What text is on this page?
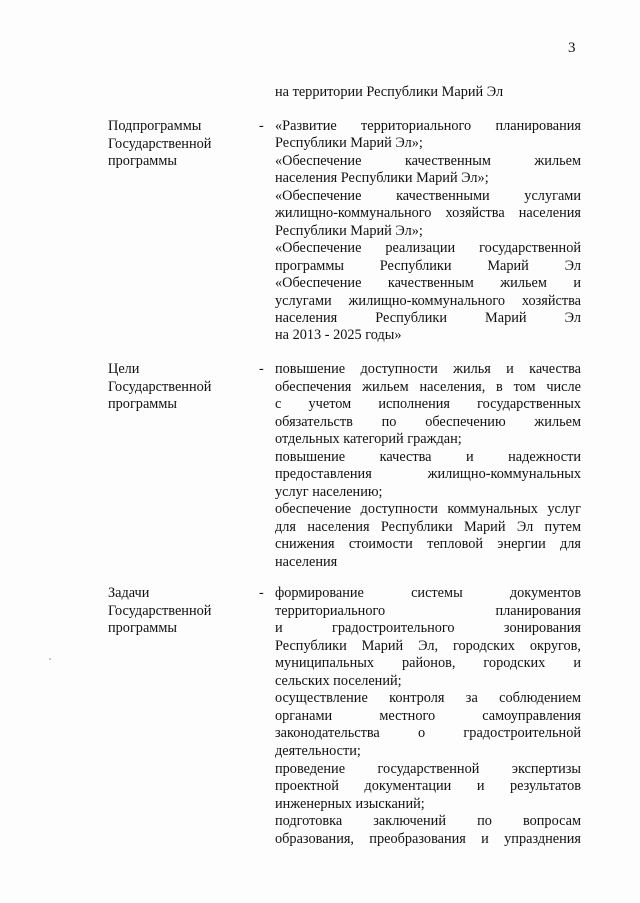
3
на территории Республики Марий Эл
Подпрограммы
Государственной
программы
- «Развитие территориального планирования
Республики Марий Эл»;
«Обеспечение качественным жильем
населения Республики Марий Эл»;
«Обеспечение качественными услугами
жилищно-коммунального хозяйства населения
Республики Марий Эл»;
«Обеспечение реализации государственной
программы Республики Марий Эл
«Обеспечение качественным жильем и
услугами жилищно-коммунального хозяйства
населения Республики Марий Эл
на 2013 - 2025 годы»
Цели
Государственной
программы
- повышение доступности жилья и качества
обеспечения жильем населения, в том числе
с учетом исполнения государственных
обязательств по обеспечению жильем
отдельных категорий граждан;
повышение качества и надежности
предоставления жилищно-коммунальных
услуг населению;
обеспечение доступности коммунальных услуг
для населения Республики Марий Эл путем
снижения стоимости тепловой энергии для
населения
Задачи
Государственной
программы
- формирование системы документов
территориального планирования
и градостроительного зонирования
Республики Марий Эл, городских округов,
муниципальных районов, городских и
сельских поселений;
осуществление контроля за соблюдением
органами местного самоуправления
законодательства о градостроительной
деятельности;
проведение государственной экспертизы
проектной документации и результатов
инженерных изысканий;
подготовка заключений по вопросам
образования, преобразования и упразднения
